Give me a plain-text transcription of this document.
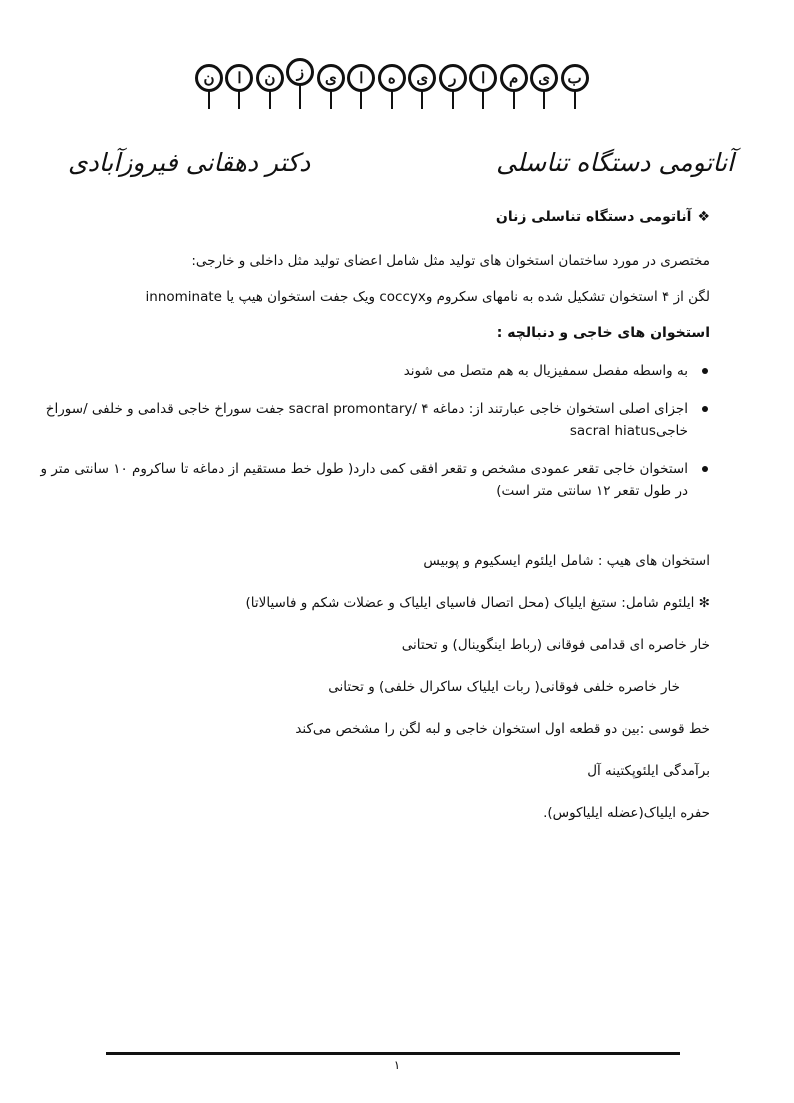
ب
ی
م
ا
ر
ی
ه
ا
ی
ز
ن
ا
ن
آناتومی دستگاه تناسلی
دکتر دهقانی فیروزآبادی
❖آناتومی دستگاه تناسلی زنان

مختصری در مورد ساختمان استخوان های تولید مثل شامل اعضای تولید مثل داخلی و خارجی:

لگن از ۴ استخوان تشکیل شده به نامهای سکروم وcoccyx ویک جفت استخوان هیپ یا innominate

استخوان های خاجی و دنبالچه :
به واسطه مفصل سمفیزیال به هم متصل می شوند
اجزای اصلی استخوان خاجی عبارتند از: دماغه sacral promontary/ ۴ جفت سوراخ خاجی قدامی و خلفی /سوراخ خاجیsacral hiatus
استخوان خاجی تقعر عمودی مشخص و تقعر افقی کمی دارد( طول خط مستقیم از دماغه تا ساکروم ۱۰ سانتی متر و در طول تقعر ۱۲ سانتی متر است)

استخوان های هیپ : شامل ایلئوم ایسکیوم و پوبیس

✻ ایلئوم شامل: ستیغ ایلیاک (محل اتصال فاسیای ایلیاک و عضلات شکم و فاسیالاتا)

خار خاصره ای قدامی فوقانی (رباط اینگوینال) و تحتانی

خار خاصره خلفی فوقانی( ربات ایلیاک ساکرال خلفی) و تحتانی

خط قوسی :بین دو قطعه اول استخوان خاجی و لبه لگن را مشخص می‌کند

برآمدگی ایلئوپکتینه آل

حفره ایلیاک(عضله ایلیاکوس).

۱
